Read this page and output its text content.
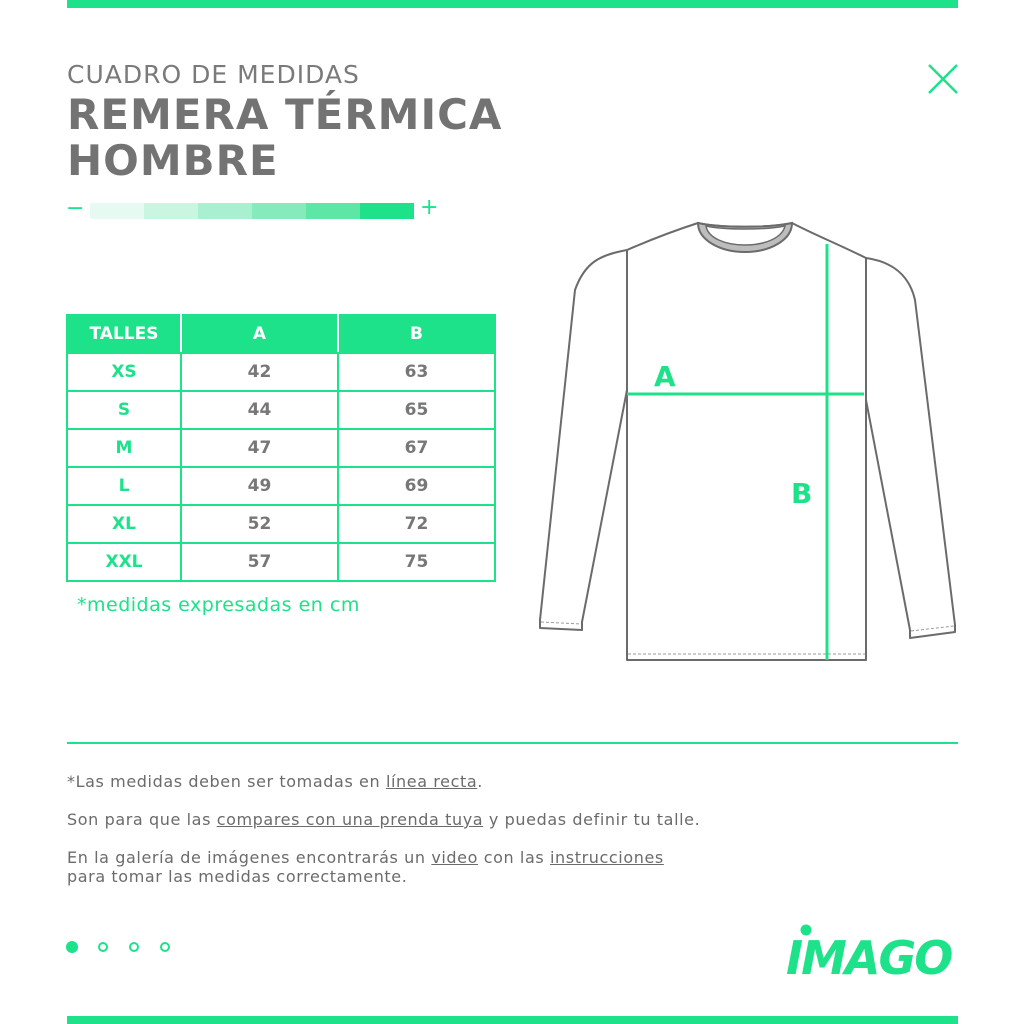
CUADRO DE MEDIDAS
REMERA TÉRMICA
HOMBRE
−	+
TALLES	A	B
XS	42	63
S	44	65
M	47	67
L	49	69
XL	52	72
XXL	57	75
*medidas expresadas en cm
A
B
*Las medidas deben ser tomadas en línea recta.
Son para que las compares con una prenda tuya y puedas definir tu talle.
En la galería de imágenes encontrarás un video con las instrucciones
para tomar las medidas correctamente.
IMAGO
